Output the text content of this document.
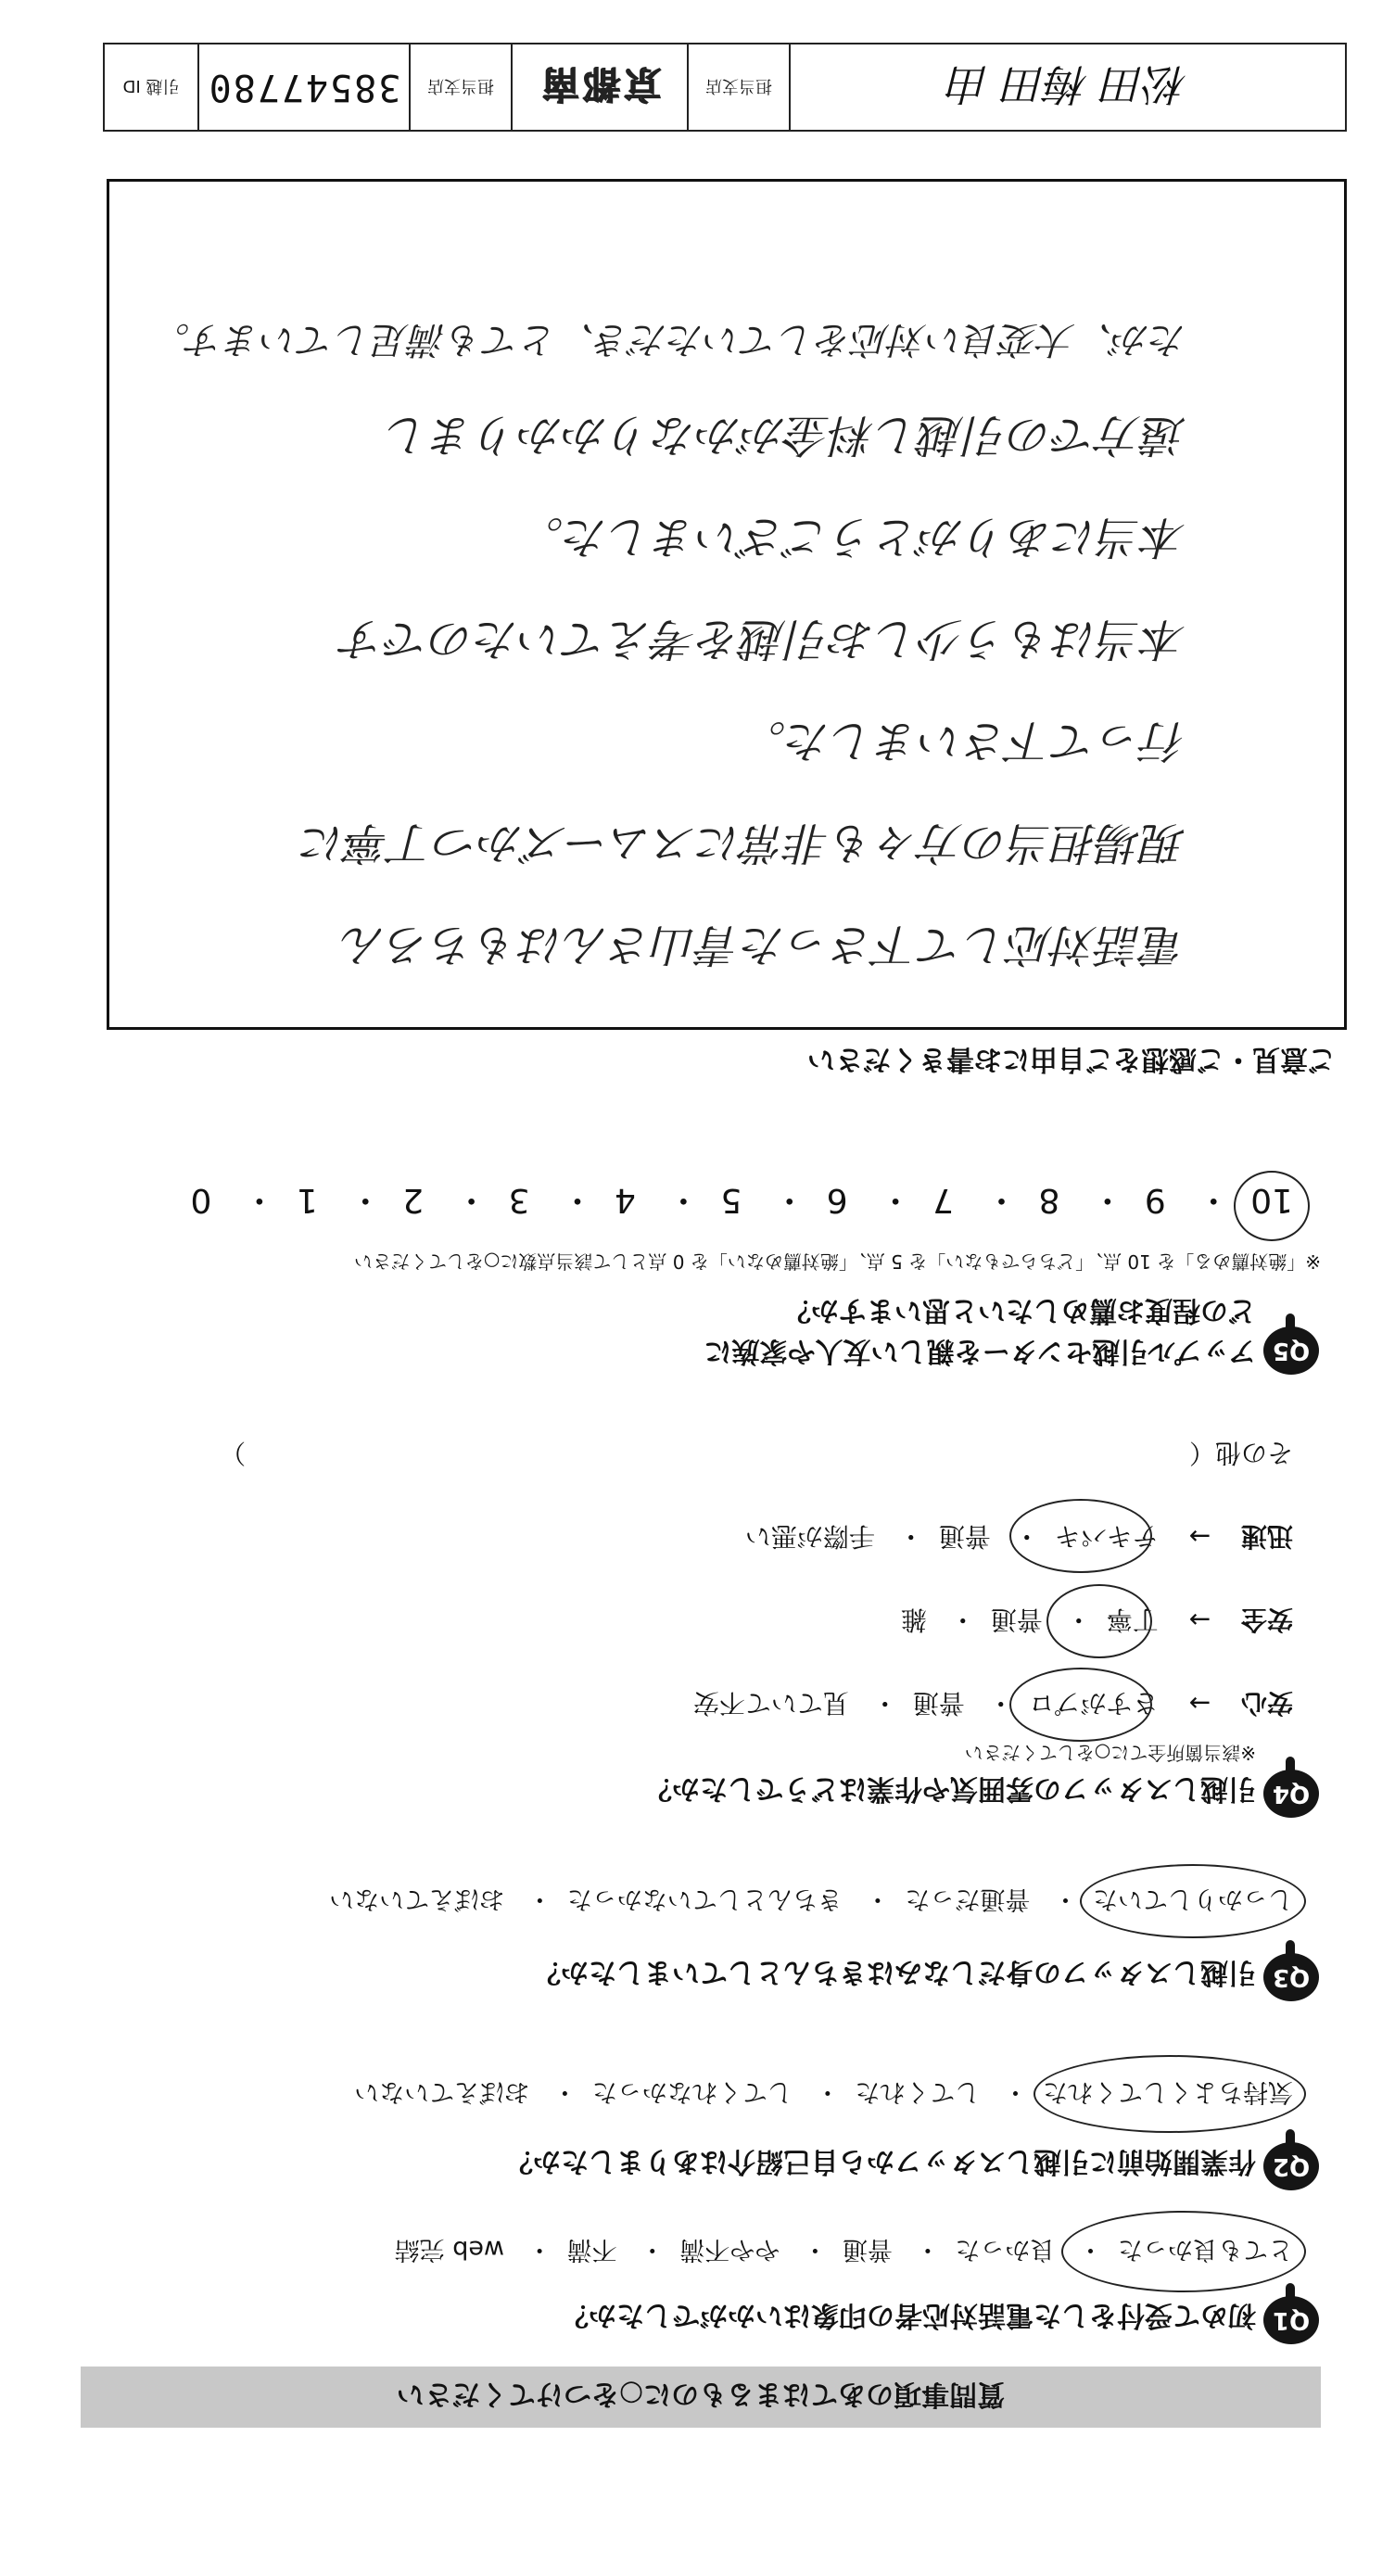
松田 梅田 由
担当支店
京都南
担当支店
38547780
引越 ID
電話対応して下さった青山さんはもちろん
現場担当の方々も非常にスムーズかつ丁寧に
行って下さいました。
本当はもう少しお引越を考えていたのです
本当にありがとうございました。
遠方での引越し料金がかなりかかりまし
たが、大変良い対応をしていただき、とても満足しています。
ご意見・ご感想をご自由にお書きください
10・ 9・ 8・ 7・ 6・ 5・ 4・ 3・ 2・ 1・ 0
※「絶対薦める」を 10 点、「どちらでもない」を 5 点、「絶対薦めない」を 0 点として該当点数に○をしてください
どの程度お薦めしたいと思いますか？
アップル引越センターを親しい友人や家族に Q5
その他（  ）
迅速 → テキパキ・ 普通・ 手際が悪い
安全 → 丁寧・ 普通・ 雑
安心 → さすがプロ・ 普通・ 見ていて不安
※該当箇所全てに○をしてください
引越しスタッフの雰囲気や作業はどうでしたか？ Q4
しっかりしていた・ 普通だった・ きちんとしていなかった・ おぼえていない
引越しスタッフの身だしなみはきちんとしていましたか？ Q3
気持ちよくしてくれた・ してくれた・ してくれなかった・ おぼえていない
作業開始前に引越しスタッフから自己紹介はありましたか？ Q2
とても良かった・ 良かった・ 普通・ やや不満・ 不満・ web 完結
初めて受付をした電話対応者の印象はいかがでしたか？ Q1
質問事項のあてはまるものに○をつけてください
